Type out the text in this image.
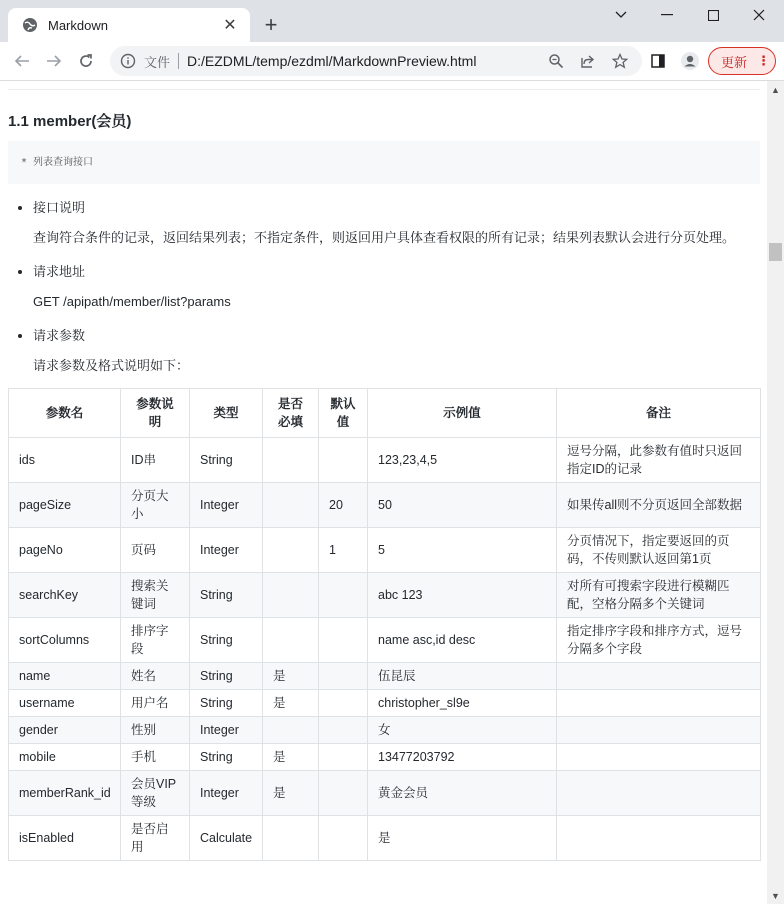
Markdown	✕ +
文件 D:/EZDML/temp/ezdml/MarkdownPreview.html	更新 ⋮
1.1 member(会员)
* 列表查询接口
• 接口说明
查询符合条件的记录，返回结果列表；不指定条件，则返回用户具体查看权限的所有记录；结果列表默认会进行分页处理。
• 请求地址
GET /apipath/member/list?params
• 请求参数
请求参数及格式说明如下：
参数名	参数说明	类型	是否必填	默认值	示例值	备注
ids	ID串	String			123,23,4,5	逗号分隔，此参数有值时只返回指定ID的记录
pageSize	分页大小	Integer		20	50	如果传all则不分页返回全部数据
pageNo	页码	Integer		1	5	分页情况下，指定要返回的页码，不传则默认返回第1页
searchKey	搜索关键词	String			abc 123	对所有可搜索字段进行模糊匹配，空格分隔多个关键词
sortColumns	排序字段	String			name asc,id desc	指定排序字段和排序方式，逗号分隔多个字段
name	姓名	String	是		伍昆辰	
username	用户名	String	是		christopher_sl9e	
gender	性别	Integer			女	
mobile	手机	String	是		13477203792	
memberRank_id	会员VIP等级	Integer	是		黄金会员	
isEnabled	是否启用	Calculate			是	
▲
▼
